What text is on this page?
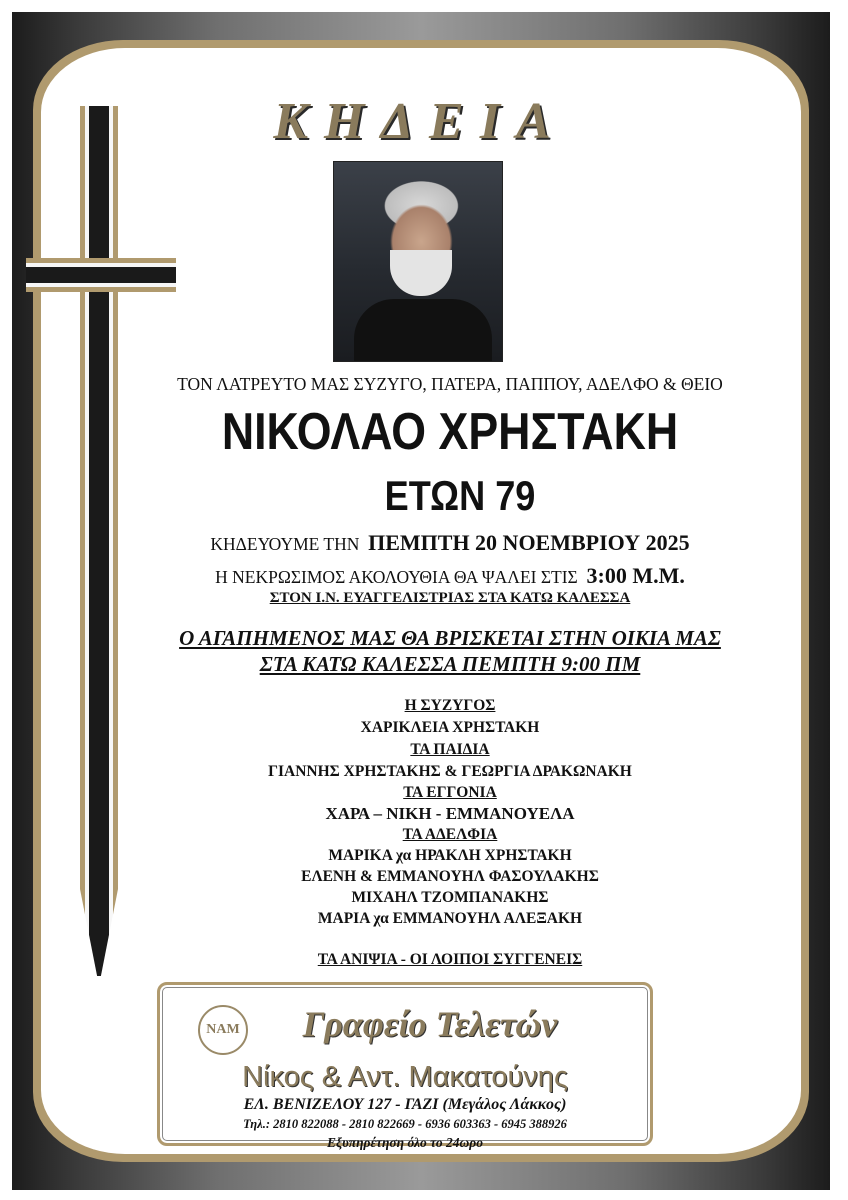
ΚΗΔΕΙΑ
ΤΟΝ ΛΑΤΡΕΥΤΟ ΜΑΣ ΣΥΖΥΓΟ, ΠΑΤΕΡΑ, ΠΑΠΠΟΥ, ΑΔΕΛΦΟ & ΘΕΙΟ
ΝΙΚΟΛΑΟ ΧΡΗΣΤΑΚΗ
ΕΤΩΝ 79
ΚΗΔΕΥΟΥΜΕ ΤΗΝ ΠΕΜΠΤΗ 20 ΝΟΕΜΒΡΙΟΥ 2025
Η ΝΕΚΡΩΣΙΜΟΣ ΑΚΟΛΟΥΘΙΑ ΘΑ ΨΑΛΕΙ ΣΤΙΣ 3:00 Μ.Μ.
ΣΤΟΝ Ι.Ν. ΕΥΑΓΓΕΛΙΣΤΡΙΑΣ ΣΤΑ ΚΑΤΩ ΚΑΛΕΣΣΑ
Ο ΑΓΑΠΗΜΕΝΟΣ ΜΑΣ ΘΑ ΒΡΙΣΚΕΤΑΙ ΣΤΗΝ ΟΙΚΙΑ ΜΑΣ
ΣΤΑ ΚΑΤΩ ΚΑΛΕΣΣΑ ΠΕΜΠΤΗ 9:00 ΠΜ
Η ΣΥΖΥΓΟΣ
ΧΑΡΙΚΛΕΙΑ ΧΡΗΣΤΑΚΗ
ΤΑ ΠΑΙΔΙΑ
ΓΙΑΝΝΗΣ ΧΡΗΣΤΑΚΗΣ & ΓΕΩΡΓΙΑ ΔΡΑΚΩΝΑΚΗ
ΤΑ ΕΓΓΟΝΙΑ
ΧΑΡΑ – ΝΙΚΗ - ΕΜΜΑΝΟΥΕΛΑ
ΤΑ ΑΔΕΛΦΙΑ
ΜΑΡΙΚΑ χα ΗΡΑΚΛΗ ΧΡΗΣΤΑΚΗ
ΕΛΕΝΗ & ΕΜΜΑΝΟΥΗΛ ΦΑΣΟΥΛΑΚΗΣ
ΜΙΧΑΗΛ ΤΖΟΜΠΑΝΑΚΗΣ
ΜΑΡΙΑ χα ΕΜΜΑΝΟΥΗΛ ΑΛΕΞΑΚΗ
ΤΑ ΑΝΙΨΙΑ - ΟΙ ΛΟΙΠΟΙ ΣΥΓΓΕΝΕΙΣ
ΝΑΜ	Γραφείο Τελετών
Νίκος & Αντ. Μακατούνης
ΕΛ. ΒΕΝΙΖΕΛΟΥ 127 - ΓΑΖΙ (Μεγάλος Λάκκος)
Τηλ.: 2810 822088 - 2810 822669 - 6936 603363 - 6945 388926
Εξυπηρέτηση όλο το 24ωρο
